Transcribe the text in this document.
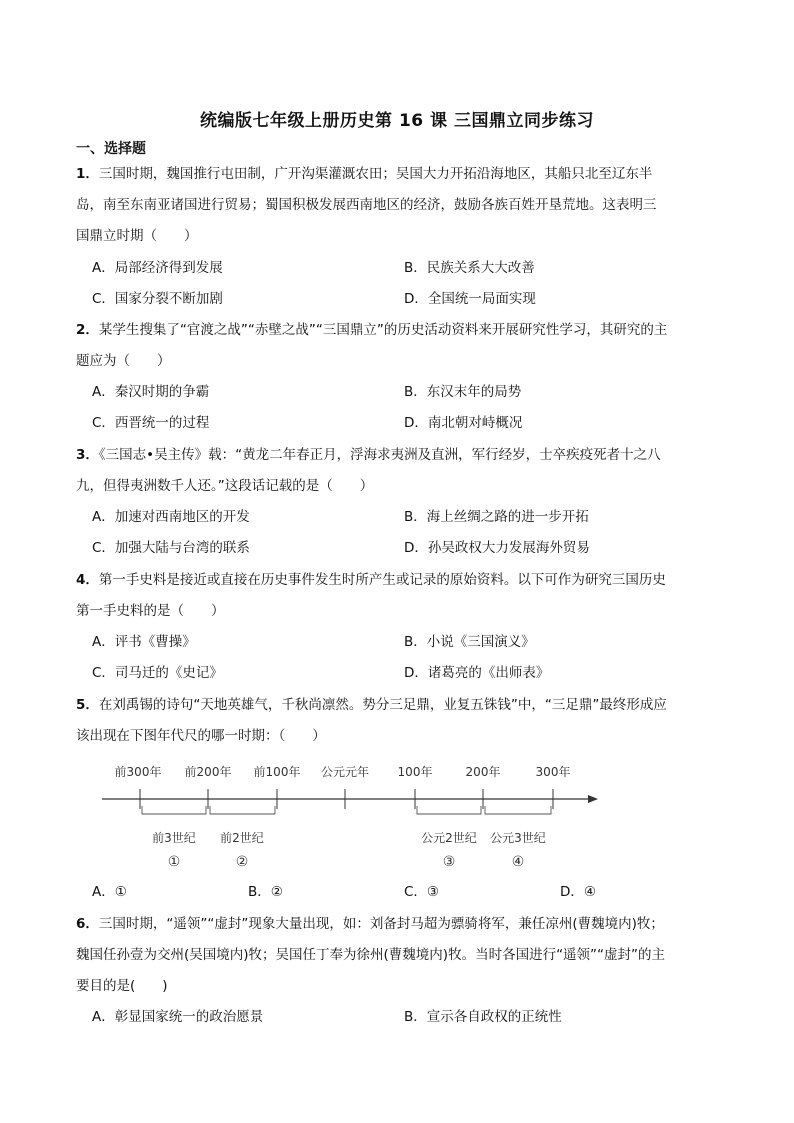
统编版七年级上册历史第 16 课 三国鼎立同步练习
一、选择题
1．三国时期，魏国推行屯田制，广开沟渠灌溉农田；吴国大力开拓沿海地区，其船只北至辽东半
岛，南至东南亚诸国进行贸易；蜀国积极发展西南地区的经济，鼓励各族百姓开垦荒地。这表明三
国鼎立时期（　　）
A．局部经济得到发展	B．民族关系大大改善
C．国家分裂不断加剧	D．全国统一局面实现
2．某学生搜集了“官渡之战”“赤壁之战”“三国鼎立”的历史活动资料来开展研究性学习，其研究的主
题应为（　　）
A．秦汉时期的争霸	B．东汉末年的局势
C．西晋统一的过程	D．南北朝对峙概况
3．《三国志•吴主传》载：“黄龙二年春正月，浮海求夷洲及直洲，军行经岁，士卒疾疫死者十之八
九，但得夷洲数千人还。”这段话记载的是（　　）
A．加速对西南地区的开发	B．海上丝绸之路的进一步开拓
C．加强大陆与台湾的联系	D．孙吴政权大力发展海外贸易
4．第一手史料是接近或直接在历史事件发生时所产生或记录的原始资料。以下可作为研究三国历史
第一手史料的是（　　）
A．评书《曹操》	B．小说《三国演义》
C．司马迁的《史记》	D．诸葛亮的《出师表》
5．在刘禹锡的诗句“天地英雄气，千秋尚凛然。势分三足鼎，业复五铢钱”中，“三足鼎”最终形成应
该出现在下图年代尺的哪一时期：（　　）
前300年 前200年 前100年 公元元年 100年	200年	300年
前3世纪 前2世纪	公元2世纪 公元3世纪
①	②	③	④
A．①	B．②	C．③	D．④
6．三国时期，“遥领”“虚封”现象大量出现，如：刘备封马超为骠骑将军，兼任凉州(曹魏境内)牧；
魏国任孙壹为交州(吴国境内)牧；吴国任丁奉为徐州(曹魏境内)牧。当时各国进行“遥领”“虚封”的主
要目的是(　　)
A．彰显国家统一的政治愿景	B．宣示各自政权的正统性
